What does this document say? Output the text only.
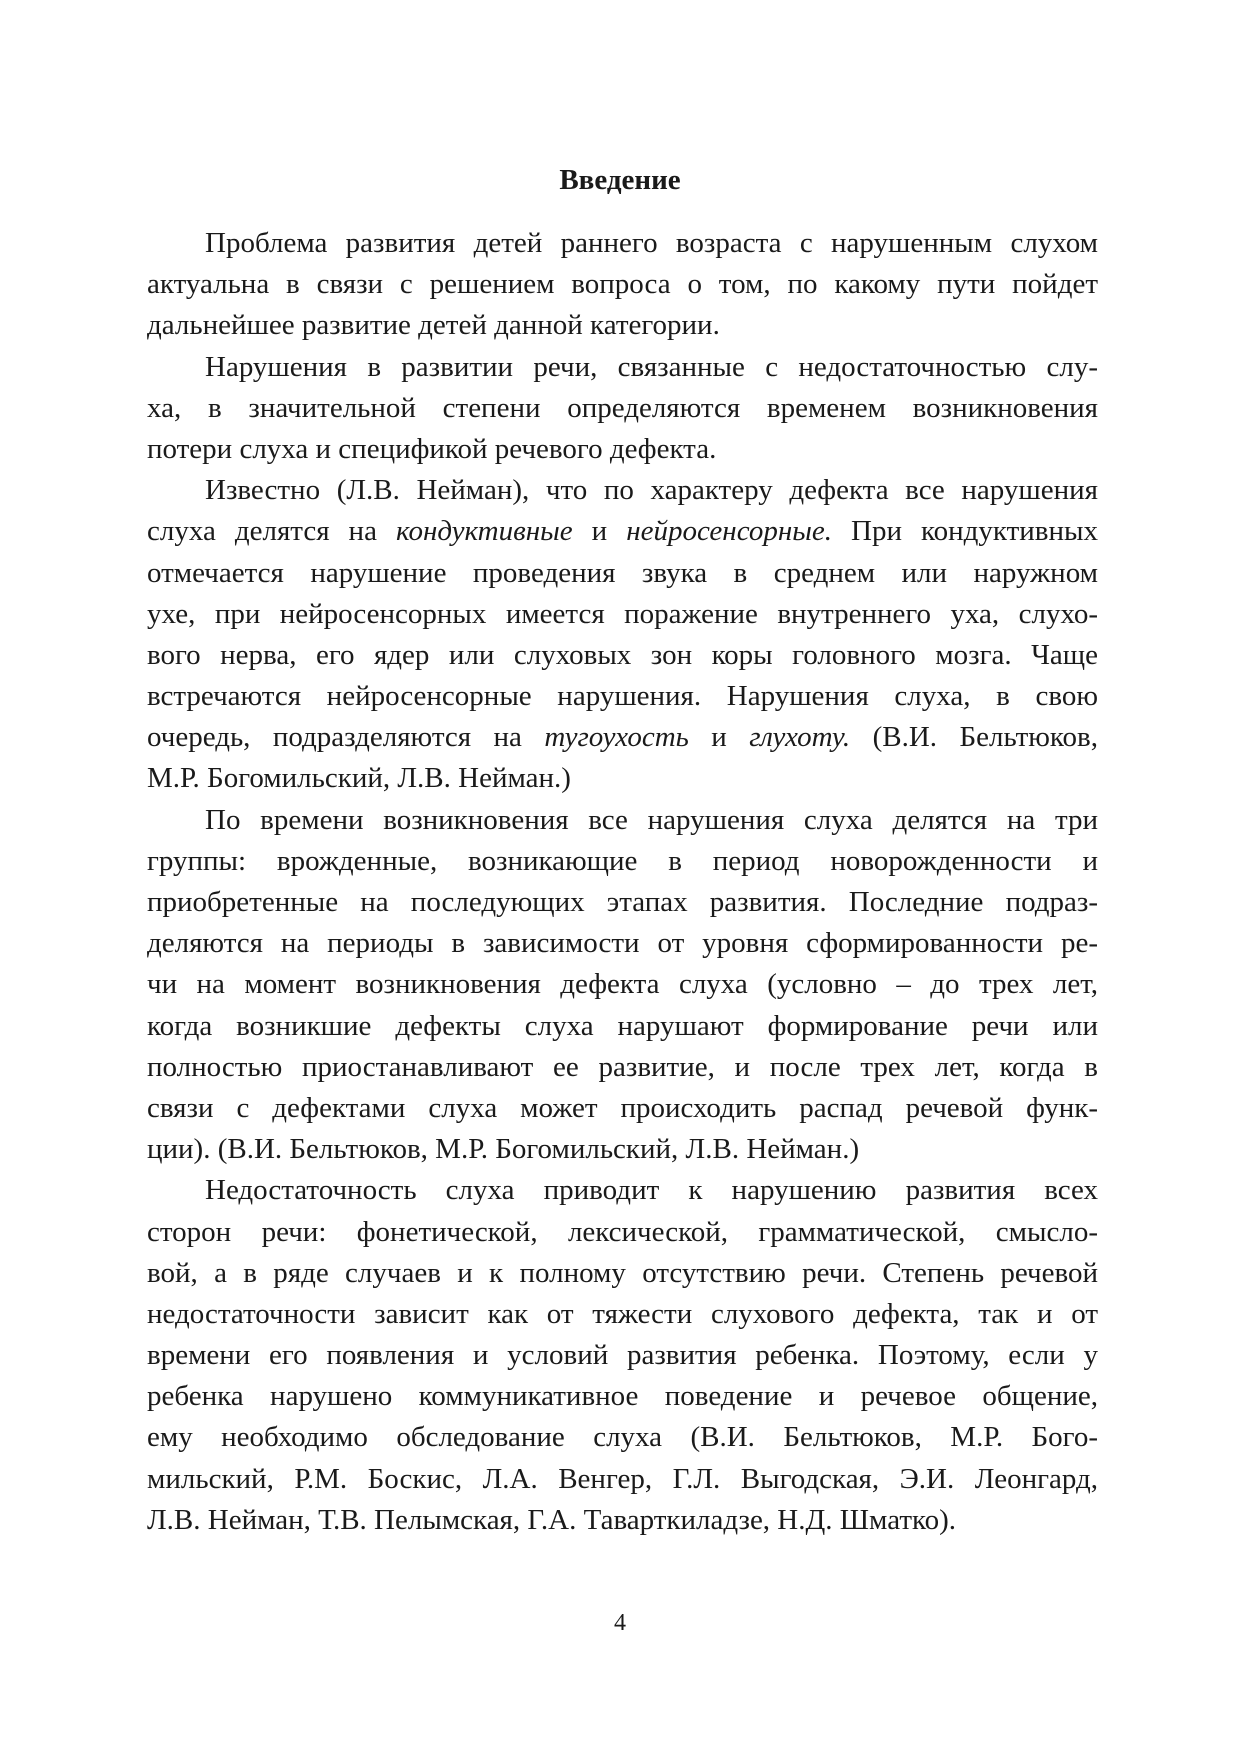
Введение
Проблема развития детей раннего возраста с нарушенным слухом
актуальна в связи с решением вопроса о том, по какому пути пойдет
дальнейшее развитие детей данной категории.
Нарушения в развитии речи, связанные с недостаточностью слу-
ха, в значительной степени определяются временем возникновения
потери слуха и спецификой речевого дефекта.
Известно (Л.В. Нейман), что по характеру дефекта все нарушения
слуха делятся на кондуктивные и нейросенсорные. При кондуктивных
отмечается нарушение проведения звука в среднем или наружном
ухе, при нейросенсорных имеется поражение внутреннего уха, слухо-
вого нерва, его ядер или слуховых зон коры головного мозга. Чаще
встречаются нейросенсорные нарушения. Нарушения слуха, в свою
очередь, подразделяются на тугоухость и глухоту. (В.И. Бельтюков,
М.Р. Богомильский, Л.В. Нейман.)
По времени возникновения все нарушения слуха делятся на три
группы: врожденные, возникающие в период новорожденности и
приобретенные на последующих этапах развития. Последние подраз-
деляются на периоды в зависимости от уровня сформированности ре-
чи на момент возникновения дефекта слуха (условно – до трех лет,
когда возникшие дефекты слуха нарушают формирование речи или
полностью приостанавливают ее развитие, и после трех лет, когда в
связи с дефектами слуха может происходить распад речевой функ-
ции). (В.И. Бельтюков, М.Р. Богомильский, Л.В. Нейман.)
Недостаточность слуха приводит к нарушению развития всех
сторон речи: фонетической, лексической, грамматической, смысло-
вой, а в ряде случаев и к полному отсутствию речи. Степень речевой
недостаточности зависит как от тяжести слухового дефекта, так и от
времени его появления и условий развития ребенка. Поэтому, если у
ребенка нарушено коммуникативное поведение и речевое общение,
ему необходимо обследование слуха (В.И. Бельтюков, М.Р. Бого-
мильский, Р.М. Боскис, Л.А. Венгер, Г.Л. Выгодская, Э.И. Леонгард,
Л.В. Нейман, Т.В. Пелымская, Г.А. Таварткиладзе, Н.Д. Шматко).
4
